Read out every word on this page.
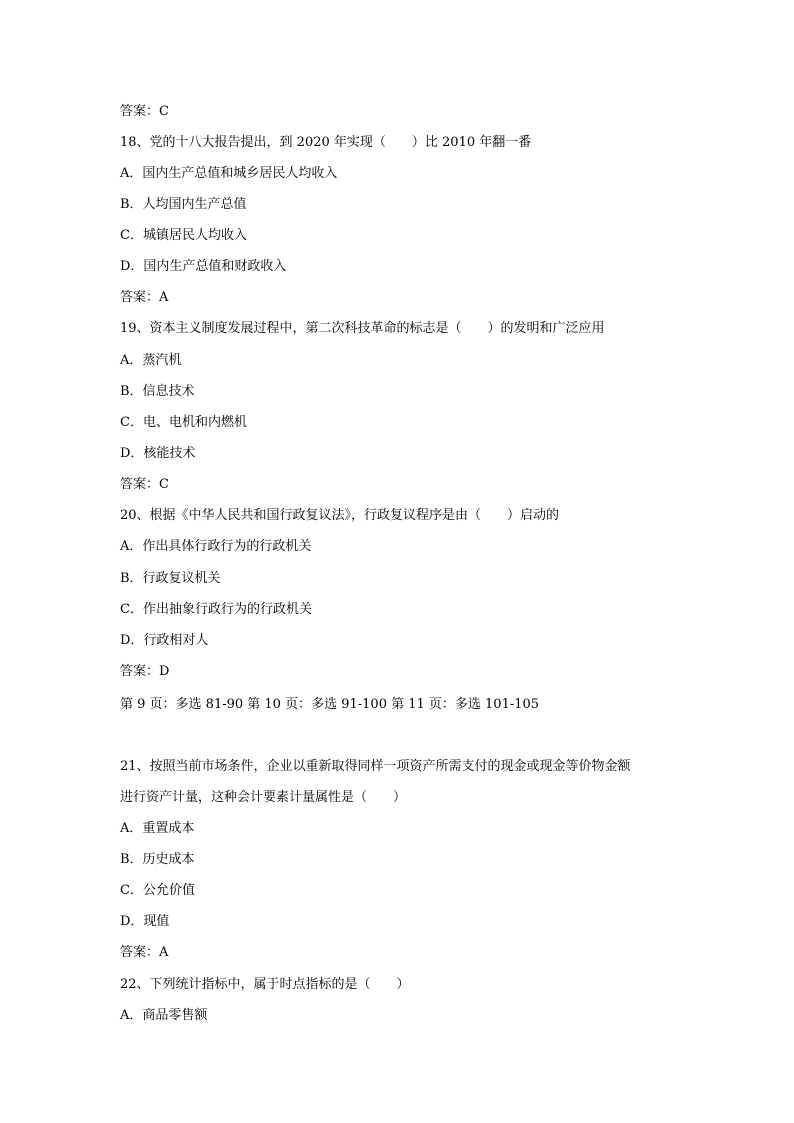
答案：C
18、党的十八大报告提出，到 2020 年实现（　　）比 2010 年翻一番
A．国内生产总值和城乡居民人均收入
B．人均国内生产总值
C．城镇居民人均收入
D．国内生产总值和财政收入
答案：A
19、资本主义制度发展过程中，第二次科技革命的标志是（　　）的发明和广泛应用
A．蒸汽机
B．信息技术
C．电、电机和内燃机
D．核能技术
答案：C
20、根据《中华人民共和国行政复议法》，行政复议程序是由（　　）启动的
A．作出具体行政行为的行政机关
B．行政复议机关
C．作出抽象行政行为的行政机关
D．行政相对人
答案：D
第 9 页：多选 81-90 第 10 页：多选 91-100 第 11 页：多选 101-105
21、按照当前市场条件，企业以重新取得同样一项资产所需支付的现金或现金等价物金额
进行资产计量，这种会计要素计量属性是（　　）
A．重置成本
B．历史成本
C．公允价值
D．现值
答案：A
22、下列统计指标中，属于时点指标的是（　　）
A．商品零售额
